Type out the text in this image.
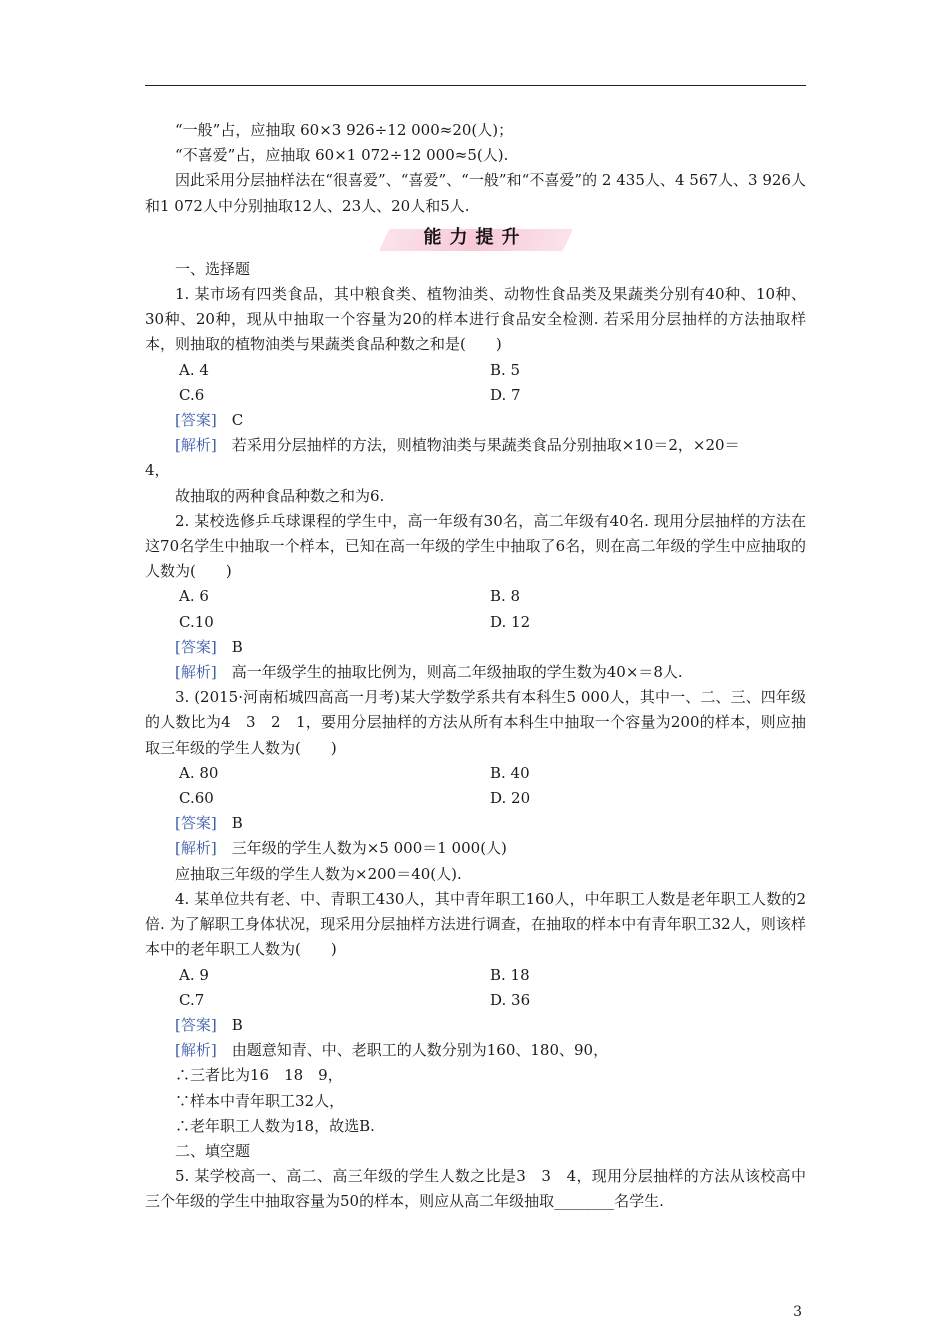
“一般”占，应抽取 60×3 926÷12 000≈20(人)；

“不喜爱”占，应抽取 60×1 072÷12 000≈5(人).

因此采用分层抽样法在“很喜爱”、“喜爱”、“一般”和“不喜爱”的 2 435人、4 567人、3 926人和1 072人中分别抽取12人、23人、20人和5人.

能力提升

一、选择题

1. 某市场有四类食品，其中粮食类、植物油类、动物性食品类及果蔬类分别有40种、10种、30种、20种，现从中抽取一个容量为20的样本进行食品安全检测. 若采用分层抽样的方法抽取样本，则抽取的植物油类与果蔬类食品种数之和是(　　)

A. 4	B. 5
C.6	D. 7

[答案]　 C

[解析]　 若采用分层抽样的方法，则植物油类与果蔬类食品分别抽取×10＝2，×20＝

4，

故抽取的两种食品种数之和为6.

2. 某校选修乒乓球课程的学生中，高一年级有30名，高二年级有40名. 现用分层抽样的方法在这70名学生中抽取一个样本，已知在高一年级的学生中抽取了6名，则在高二年级的学生中应抽取的人数为(　　)

A. 6	B. 8
C.10	D. 12

[答案]　 B

[解析]　 高一年级学生的抽取比例为，则高二年级抽取的学生数为40×＝8人.

3. (2015·河南柘城四高高一月考)某大学数学系共有本科生5 000人，其中一、二、三、四年级的人数比为4　3　2　1，要用分层抽样的方法从所有本科生中抽取一个容量为200的样本，则应抽取三年级的学生人数为(　　)

A. 80	B. 40
C.60	D. 20

[答案]　 B

[解析]　 三年级的学生人数为×5 000＝1 000(人)

应抽取三年级的学生人数为×200＝40(人).

4. 某单位共有老、中、青职工430人，其中青年职工160人，中年职工人数是老年职工人数的2倍. 为了解职工身体状况，现采用分层抽样方法进行调查，在抽取的样本中有青年职工32人，则该样本中的老年职工人数为(　　)

A. 9	B. 18
C.7	D. 36

[答案]　 B

[解析]　 由题意知青、中、老职工的人数分别为160、180、90，

∴三者比为16　18　9，

∵样本中青年职工32人，

∴老年职工人数为18，故选B.

二、填空题

5. 某学校高一、高二、高三年级的学生人数之比是3　3　4，现用分层抽样的方法从该校高中三个年级的学生中抽取容量为50的样本，则应从高二年级抽取________名学生.

3
